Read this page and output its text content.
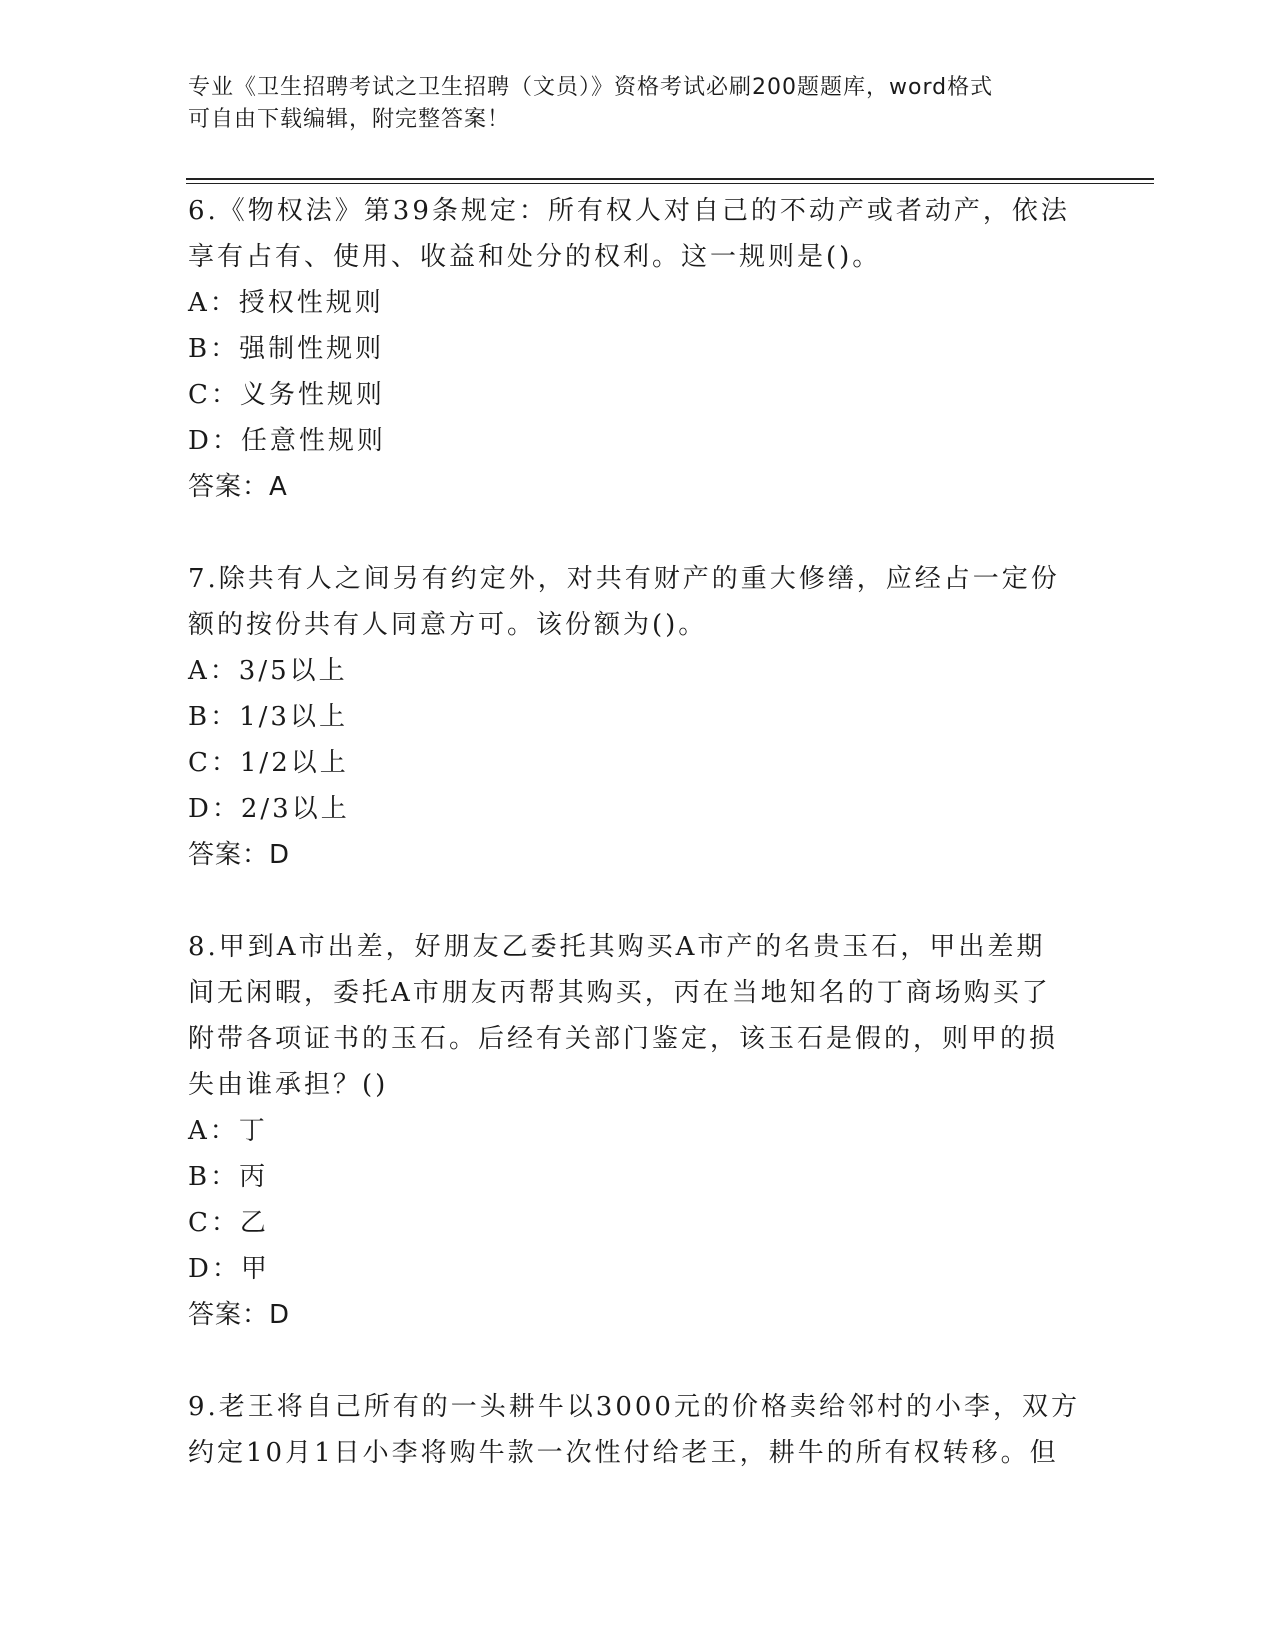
专业《卫生招聘考试之卫生招聘（文员）》资格考试必刷200题题库，word格式
可自由下载编辑，附完整答案！

6.《物权法》第39条规定：所有权人对自己的不动产或者动产，依法

享有占有、使用、收益和处分的权利。这一规则是()。

A：授权性规则

B：强制性规则

C：义务性规则

D：任意性规则

答案：A

7.除共有人之间另有约定外，对共有财产的重大修缮，应经占一定份

额的按份共有人同意方可。该份额为()。

A：3/5以上

B：1/3以上

C：1/2以上

D：2/3以上

答案：D

8.甲到A市出差，好朋友乙委托其购买A市产的名贵玉石，甲出差期

间无闲暇，委托A市朋友丙帮其购买，丙在当地知名的丁商场购买了

附带各项证书的玉石。后经有关部门鉴定，该玉石是假的，则甲的损

失由谁承担？()

A：丁

B：丙

C：乙

D：甲

答案：D

9.老王将自己所有的一头耕牛以3000元的价格卖给邻村的小李，双方

约定10月1日小李将购牛款一次性付给老王，耕牛的所有权转移。但
